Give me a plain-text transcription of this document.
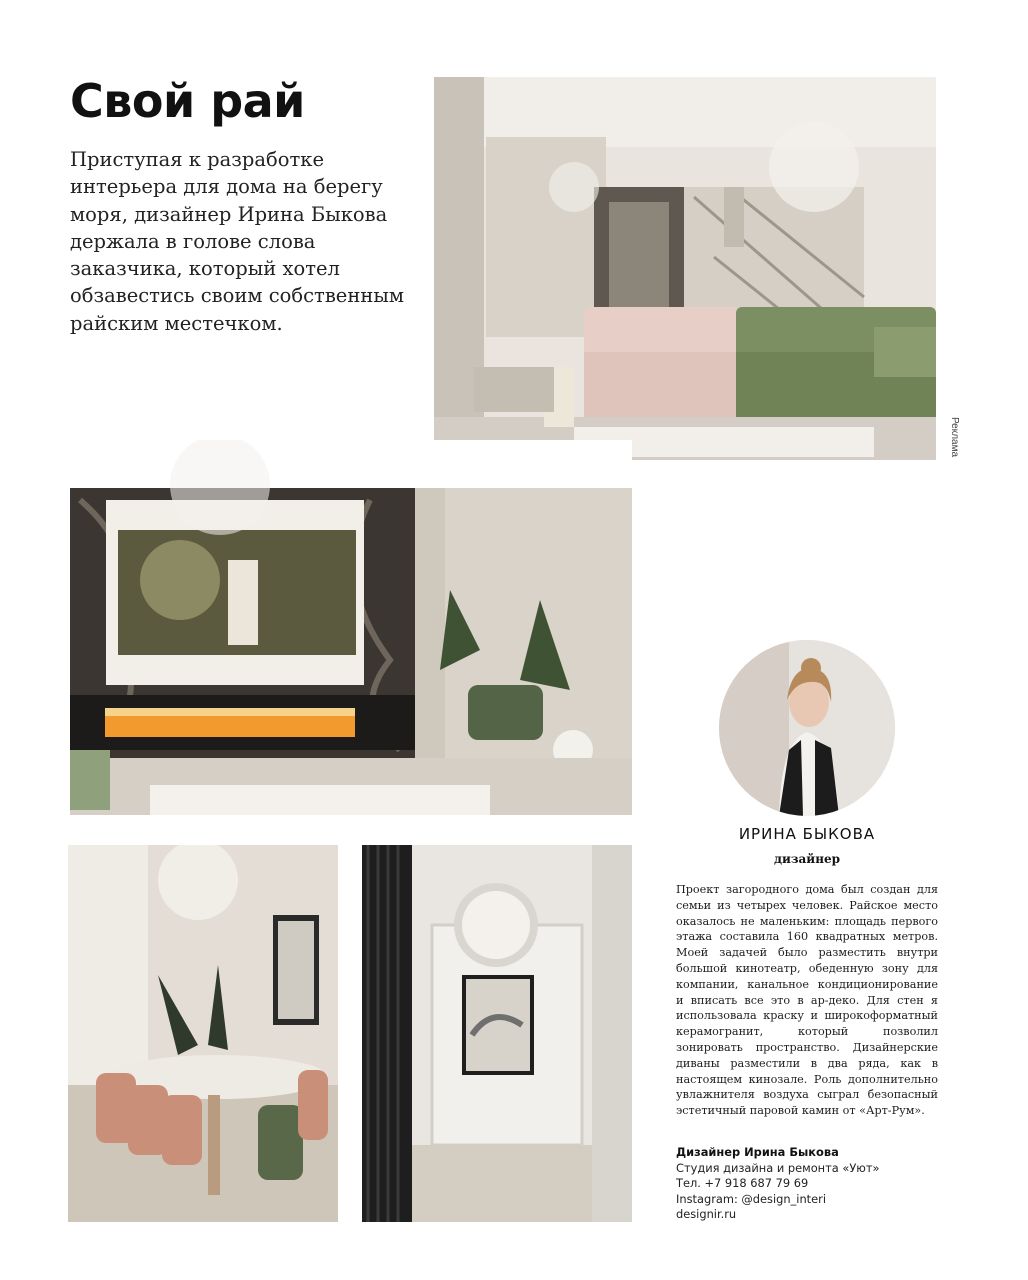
Свой рай

Приступая к разработке интерьера для дома на берегу моря, дизайнер Ирина Быкова держала в голове слова заказчика, который хотел обзавестись своим собственным райским местечком.

Реклама

ИРИНА БЫКОВА

дизайнер

Проект загородного дома был создан для семьи из четырех человек. Райское место оказалось не маленьким: площадь первого этажа составила 160 квадратных метров. Моей задачей было разместить внутри большой кинотеатр, обеденную зону для компании, канальное кондиционирование и вписать все это в ар-деко. Для стен я использовала краску и широкоформатный керамогранит, который позволил зонировать пространство. Дизайнерские диваны разместили в два ряда, как в настоящем кинозале. Роль дополнительно увлажнителя воздуха сыграл безопасный эстетичный паровой камин от «Арт-Рум».

Дизайнер Ирина Быкова
Студия дизайна и ремонта «Уют»
Тел. +7 918 687 79 69
Instagram: @design_interi
designir.ru
